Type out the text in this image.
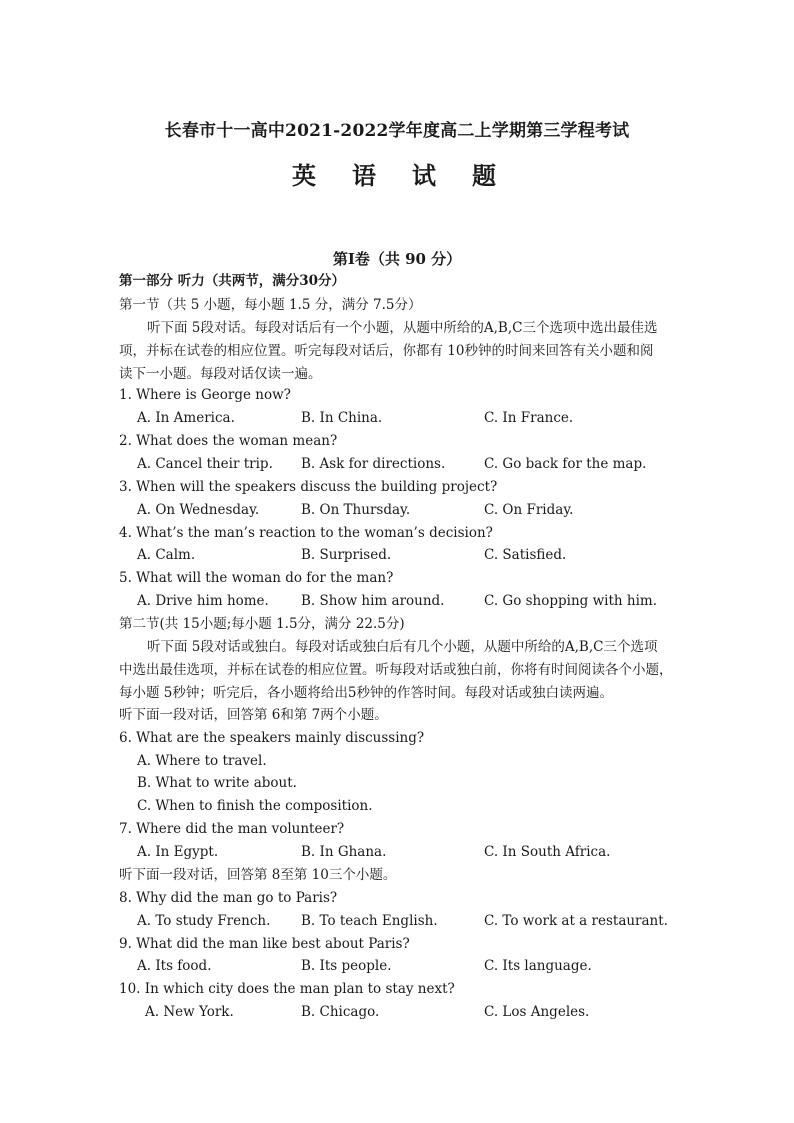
长春市十一高中2021-2022学年度高二上学期第三学程考试
英　语　试　题
第Ⅰ卷（共 90 分）
第一部分 听力（共两节，满分30分）
第一节（共 5 小题，每小题 1.5 分，满分 7.5分）
听下面 5段对话。每段对话后有一个小题，从题中所给的A,B,C三个选项中选出最佳选
项，并标在试卷的相应位置。听完每段对话后，你都有 10秒钟的时间来回答有关小题和阅
读下一小题。每段对话仅读一遍。
1. Where is George now?
A. In America.	B. In China.	C. In France.
2. What does the woman mean?
A. Cancel their trip. B. Ask for directions.	C. Go back for the map.
3. When will the speakers discuss the building project?
A. On Wednesday.	B. On Thursday.	C. On Friday.
4. What’s the man’s reaction to the woman’s decision?
A. Calm.	B. Surprised.	C. Satisfied.
5. What will the woman do for the man?
A. Drive him home. B. Show him around.	C. Go shopping with him.
第二节(共 15小题;每小题 1.5分，满分 22.5分)
听下面 5段对话或独白。每段对话或独白后有几个小题，从题中所给的A,B,C三个选项
中选出最佳选项，并标在试卷的相应位置。听每段对话或独白前，你将有时间阅读各个小题，
每小题 5秒钟；听完后，各小题将给出5秒钟的作答时间。每段对话或独白读两遍。
听下面一段对话，回答第 6和第 7两个小题。
6. What are the speakers mainly discussing?
A. Where to travel.
B. What to write about.
C. When to finish the composition.
7. Where did the man volunteer?
A. In Egypt.	B. In Ghana.	C. In South Africa.
听下面一段对话，回答第 8至第 10三个小题。
8. Why did the man go to Paris?
A. To study French. B. To teach English.	C. To work at a restaurant.
9. What did the man like best about Paris?
A. Its food.	B. Its people.	C. Its language.
10. In which city does the man plan to stay next?
A. New York.	B. Chicago.	C. Los Angeles.
